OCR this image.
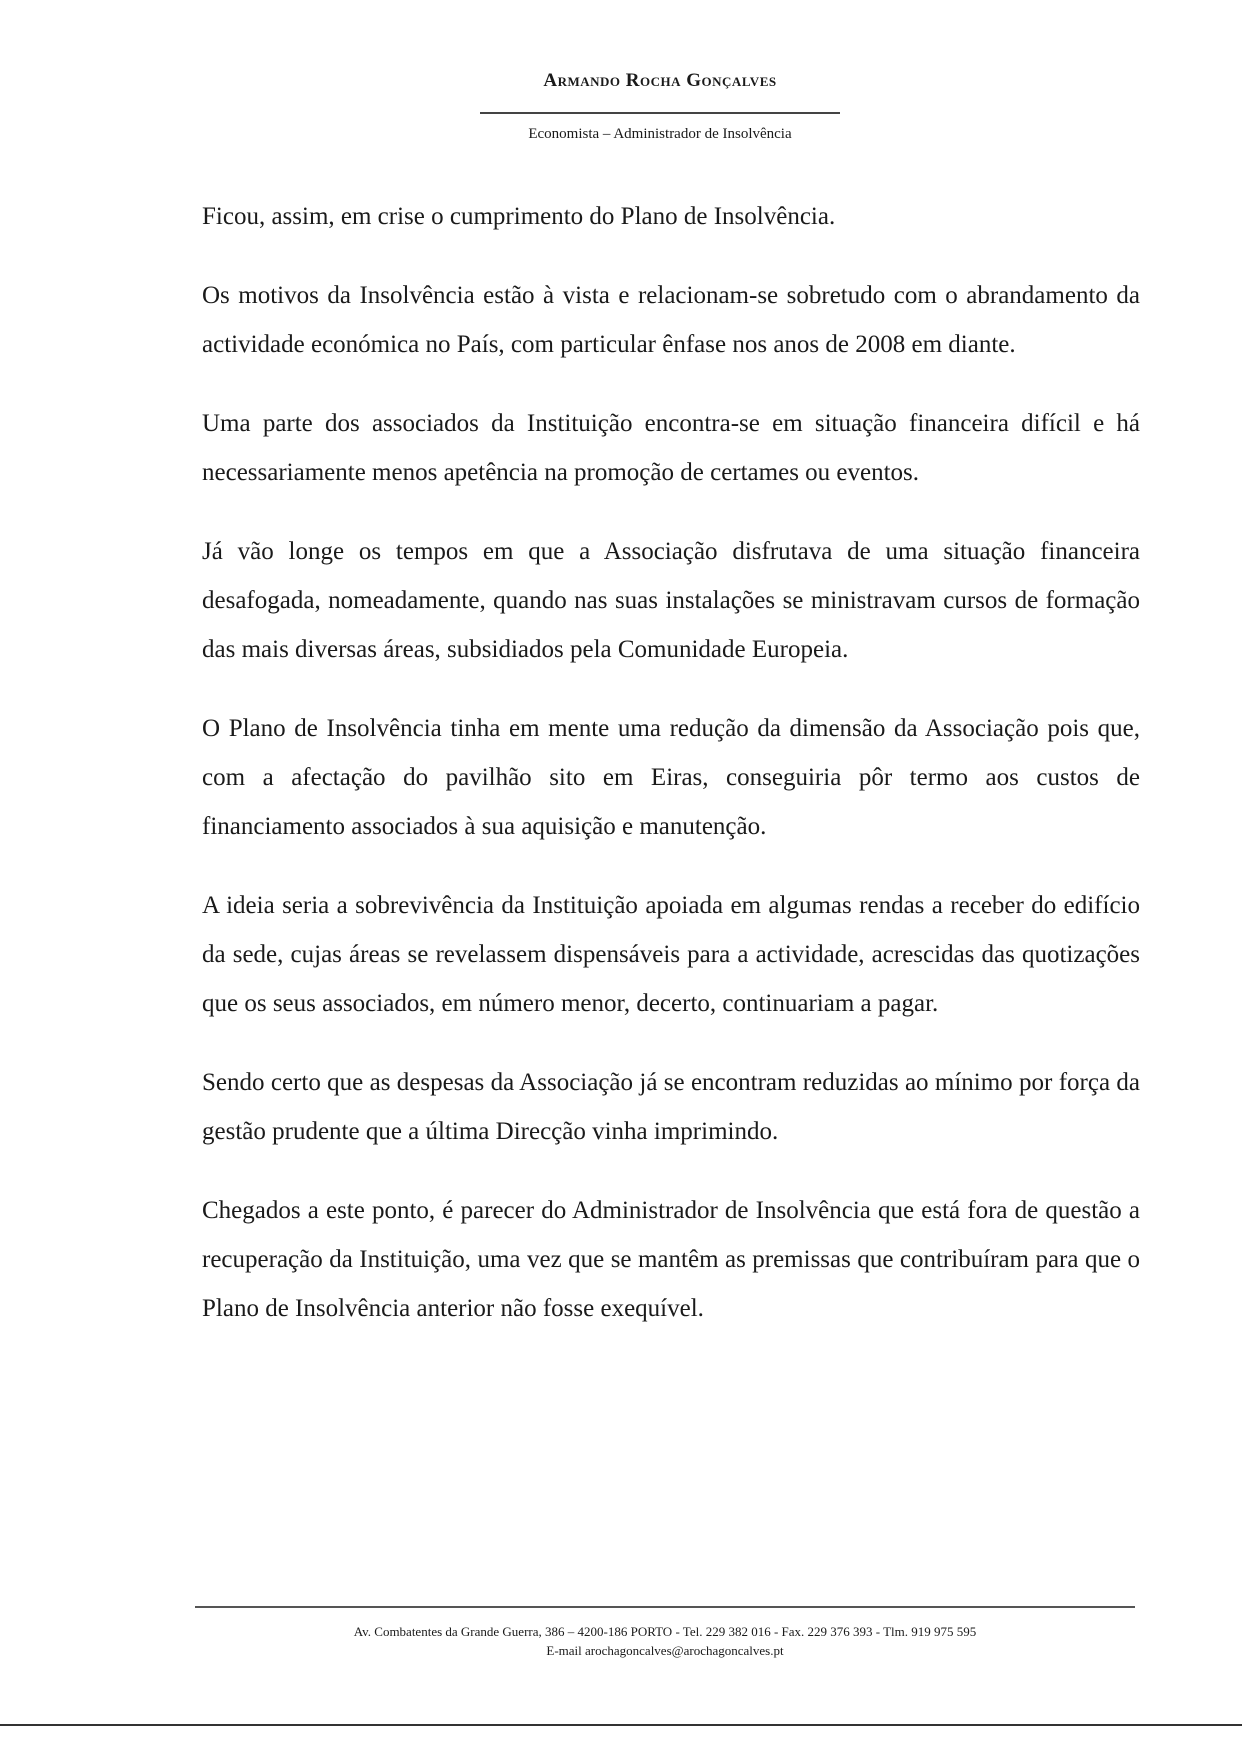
Armando Rocha Gonçalves
Economista – Administrador de Insolvência

Ficou, assim, em crise o cumprimento do Plano de Insolvência.

Os motivos da Insolvência estão à vista e relacionam-se sobretudo com o abrandamento da actividade económica no País, com particular ênfase nos anos de 2008 em diante.

Uma parte dos associados da Instituição encontra-se em situação financeira difícil e há necessariamente menos apetência na promoção de certames ou eventos.

Já vão longe os tempos em que a Associação disfrutava de uma situação financeira desafogada, nomeadamente, quando nas suas instalações se ministravam cursos de formação das mais diversas áreas, subsidiados pela Comunidade Europeia.

O Plano de Insolvência tinha em mente uma redução da dimensão da Associação pois que, com a afectação do pavilhão sito em Eiras, conseguiria pôr termo aos custos de financiamento associados à sua aquisição e manutenção.

A ideia seria a sobrevivência da Instituição apoiada em algumas rendas a receber do edifício da sede, cujas áreas se revelassem dispensáveis para a actividade, acrescidas das quotizações que os seus associados, em número menor, decerto, continuariam a pagar.

Sendo certo que as despesas da Associação já se encontram reduzidas ao mínimo por força da gestão prudente que a última Direcção vinha imprimindo.

Chegados a este ponto, é parecer do Administrador de Insolvência que está fora de questão a recuperação da Instituição, uma vez que se mantêm as premissas que contribuíram para que o Plano de Insolvência anterior não fosse exequível.

Av. Combatentes da Grande Guerra, 386 – 4200-186 PORTO - Tel. 229 382 016 - Fax. 229 376 393 - Tlm. 919 975 595
E-mail arochagoncalves@arochagoncalves.pt
